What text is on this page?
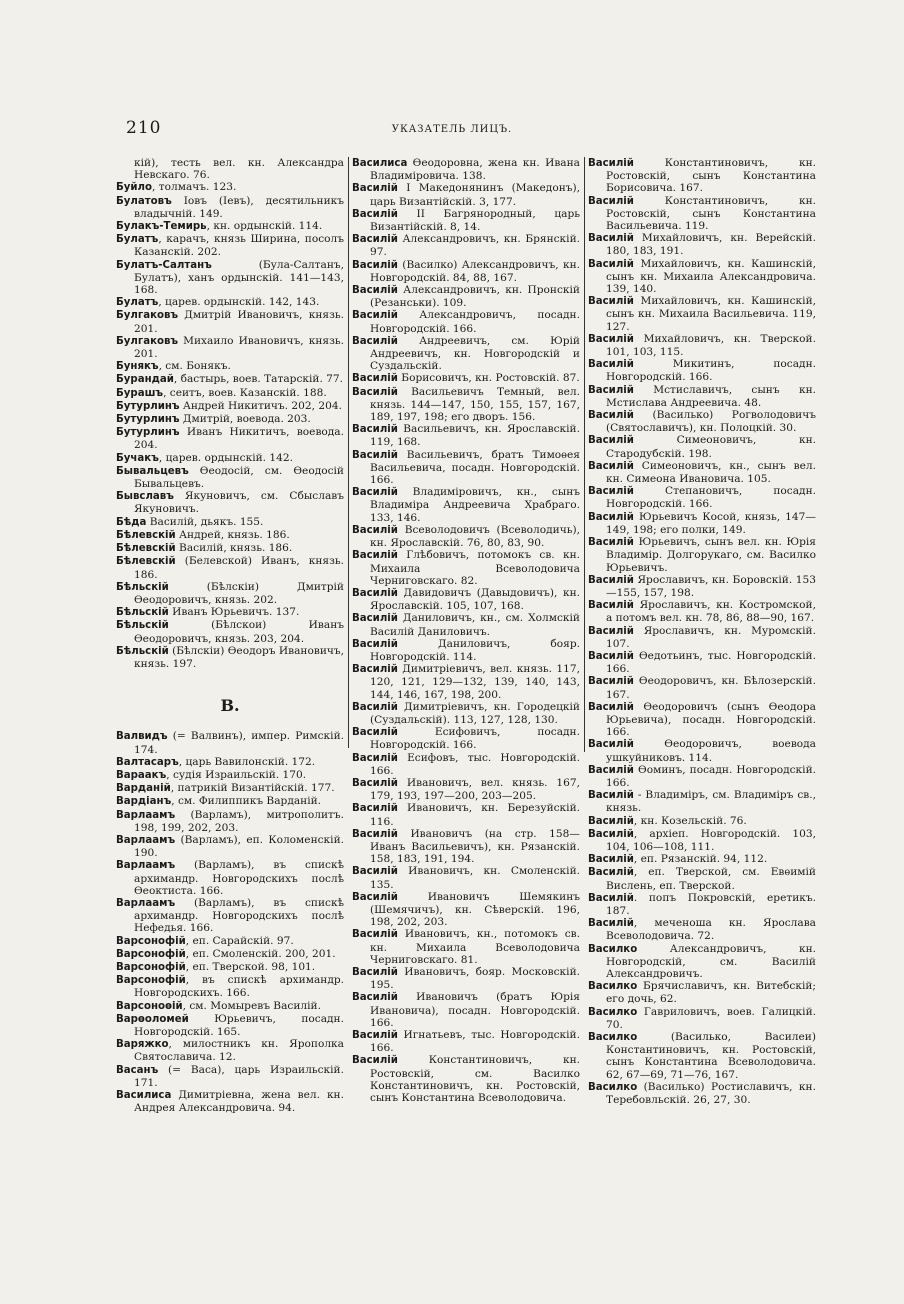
210	УКАЗАТЕЛЬ ЛИЦЪ.

кій), тесть вел. кн. Александра Невскаго. 76.

Буйло, толмачъ. 123.

Булатовъ Іовъ (Іевъ), десятильникъ владычній. 149.

Булакъ-Темирь, кн. ордынскій. 114.

Булатъ, карачъ, князь Ширина, посолъ Казанскій. 202.

Булатъ-Салтанъ (Була-Салтанъ, Булатъ), ханъ ордынскій. 141—143, 168.

Булатъ, царев. ордынскій. 142, 143.

Булгаковъ Дмитрій Ивановичъ, князь. 201.

Булгаковъ Михаило Ивановичъ, князь. 201.

Бунякъ, см. Бонякъ.

Бурандай, бастырь, воев. Татарскій. 77.

Бурашъ, сеитъ, воев. Казанскій. 188.

Бутурлинъ Андрей Никитичъ. 202, 204.

Бутурлинъ Дмитрій, воевода. 203.

Бутурлинъ Иванъ Никитичъ, воевода. 204.

Бучакъ, царев. ордынскій. 142.

Бывальцевъ Ѳеодосій, см. Ѳеодосій Бывальцевъ.

Бывславъ Якуновичъ, см. Сбыславъ Якуновичъ.

Бѣда Василій, дьякъ. 155.

Бѣлевскій Андрей, князь. 186.

Бѣлевскій Василій, князь. 186.

Бѣлевскій (Белевской) Иванъ, князь. 186.

Бѣльскій (Бѣлскіи) Дмитрій Ѳеодоровичъ, князь. 202.

Бѣльскій Иванъ Юрьевичъ. 137.

Бѣльскій (Бѣлскои) Иванъ Ѳеодоровичъ, князь. 203, 204.

Бѣльскій (Бѣлскіи) Ѳеодоръ Ивановичъ, князь. 197.

В.

Валвидъ (= Валвинъ), импер. Римскій. 174.

Валтасаръ, царь Вавилонскій. 172.

Вараакъ, судія Израильскій. 170.

Варданій, патрикій Византійскій. 177.

Вардіанъ, см. Филиппикъ Варданій.

Варлаамъ (Варламъ), митрополитъ. 198, 199, 202, 203.

Варлаамъ (Варламъ), еп. Коломенскій. 190.

Варлаамъ (Варламъ), въ спискѣ архимандр. Новгородскихъ послѣ Ѳеоктиста. 166.

Варлаамъ (Варламъ), въ спискѣ архимандр. Новгородскихъ послѣ Нефедья. 166.

Варсонофій, еп. Сарайскій. 97.

Варсонофій, еп. Смоленскій. 200, 201.

Варсонофій, еп. Тверской. 98, 101.

Варсонофій, въ спискѣ архимандр. Новгородскихъ. 166.

Варсоноѳій, см. Момыревъ Василій.

Варѳоломей Юрьевичъ, посадн. Новгородскій. 165.

Варяжко, милостникъ кн. Ярополка Святославича. 12.

Васанъ (= Васа), царь Израильскій. 171.

Василиса Димитріевна, жена вел. кн. Андрея Александровича. 94.

Василиса Ѳеодоровна, жена кн. Ивана Владиміровича. 138.

Василій I Македонянинъ (Македонъ), царь Византійскій. 3, 177.

Василій II Багрянородный, царь Византійскій. 8, 14.

Василій Александровичъ, кн. Брянскій. 97.

Василій (Василко) Александровичъ, кн. Новгородскій. 84, 88, 167.

Василій Александровичъ, кн. Пронскій (Резанськи). 109.

Василій Александровичъ, посадн. Новгородскій. 166.

Василій Андреевичъ, см. Юрій Андреевичъ, кн. Новгородскій и Суздальскій.

Василій Борисовичъ, кн. Ростовскій. 87.

Василій Васильевичъ Темный, вел. князь. 144—147, 150, 155, 157, 167, 189, 197, 198; его дворъ. 156.

Василій Васильевичъ, кн. Ярославскій. 119, 168.

Василій Васильевичъ, братъ Тимоѳея Васильевича, посадн. Новгородскій. 166.

Василій Владиміровичъ, кн., сынъ Владиміра Андреевича Храбраго. 133, 146.

Василій Всеволодовичъ (Всеволодичь), кн. Ярославскій. 76, 80, 83, 90.

Василій Глѣбовичъ, потомокъ св. кн. Михаила Всеволодовича Черниговскаго. 82.

Василій Давидовичъ (Давыдовичъ), кн. Ярославскій. 105, 107, 168.

Василій Даниловичъ, кн., см. Холмскій Василій Даниловичъ.

Василій Даниловичъ, бояр. Новгородскій. 114.

Василій Димитріевичъ, вел. князь. 117, 120, 121, 129—132, 139, 140, 143, 144, 146, 167, 198, 200.

Василій Димитріевичъ, кн. Городецкій (Суздальскій). 113, 127, 128, 130.

Василій Есифовичъ, посадн. Новгородскій. 166.

Василій Есифовъ, тыс. Новгородскій. 166.

Василій Ивановичъ, вел. князь. 167, 179, 193, 197—200, 203—205.

Василій Ивановичъ, кн. Березуйскій. 116.

Василій Ивановичъ (на стр. 158— Иванъ Васильевичъ), кн. Рязанскій. 158, 183, 191, 194.

Василій Ивановичъ, кн. Смоленскій. 135.

Василій Ивановичъ Шемякинъ (Шемячичъ), кн. Сѣверскій. 196, 198, 202, 203.

Василій Ивановичъ, кн., потомокъ св. кн. Михаила Всеволодовича Черниговскаго. 81.

Василій Ивановичъ, бояр. Московскій. 195.

Василій Ивановичъ (братъ Юрія Ивановича), посадн. Новгородскій. 166.

Василій Игнатьевъ, тыс. Новгородскій. 166.

Василій Константиновичъ, кн. Ростовскій, см. Василко Константиновичъ, кн. Ростовскій, сынъ Константина Всеволодовича.

Василій Константиновичъ, кн. Ростовскій, сынъ Константина Борисовича. 167.

Василій Константиновичъ, кн. Ростовскій, сынъ Константина Васильевича. 119.

Василій Михайловичъ, кн. Верейскій. 180, 183, 191.

Василій Михайловичъ, кн. Кашинскій, сынъ кн. Михаила Александровича. 139, 140.

Василій Михайловичъ, кн. Кашинскій, сынъ кн. Михаила Васильевича. 119, 127.

Василій Михайловичъ, кн. Тверской. 101, 103, 115.

Василій Микитинъ, посадн. Новгородскій. 166.

Василій Мстиславичъ, сынъ кн. Мстислава Андреевича. 48.

Василій (Василько) Рогволодовичъ (Святославичъ), кн. Полоцкій. 30.

Василій Симеоновичъ, кн. Стародубскій. 198.

Василій Симеоновичъ, кн., сынъ вел. кн. Симеона Ивановича. 105.

Василій Степановичъ, посадн. Новгородскій. 166.

Василій Юрьевичъ Косой, князь, 147—149, 198; его полки, 149.

Василій Юрьевичъ, сынъ вел. кн. Юрія Владимір. Долгорукаго, см. Василко Юрьевичъ.

Василій Ярославичъ, кн. Боровскій. 153—155, 157, 198.

Василій Ярославичъ, кн. Костромской, а потомъ вел. кн. 78, 86, 88—90, 167.

Василій Ярославичъ, кн. Муромскій. 107.

Василій Ѳедотьинъ, тыс. Новгородскій. 166.

Василій Ѳеодоровичъ, кн. Бѣлозерскій. 167.

Василій Ѳеодоровичъ (сынъ Ѳеодора Юрьевича), посадн. Новгородскій. 166.

Василій Ѳеодоровичъ, воевода ушкуйниковъ. 114.

Василій Ѳоминъ, посадн. Новгородскій. 166.

Василій - Владиміръ, см. Владиміръ св., князь.

Василій, кн. Козельскій. 76.

Василій, архіеп. Новгородскій. 103, 104, 106—108, 111.

Василій, еп. Рязанскій. 94, 112.

Василій, еп. Тверской, см. Евѳимій Вислень, еп. Тверской.

Василій. попъ Покровскій, еретикъ. 187.

Василій, меченоша кн. Ярослава Всеволодовича. 72.

Василко Александровичъ, кн. Новгородскій, см. Василій Александровичъ.

Василко Брячиславичъ, кн. Витебскій; его дочь, 62.

Василко Гавриловичъ, воев. Галицкій. 70.

Василко (Василько, Василеи) Константиновичъ, кн. Ростовскій, сынъ Константина Всеволодовича. 62, 67—69, 71—76, 167.

Василко (Василько) Ростиславичъ, кн. Теребовльскій. 26, 27, 30.
